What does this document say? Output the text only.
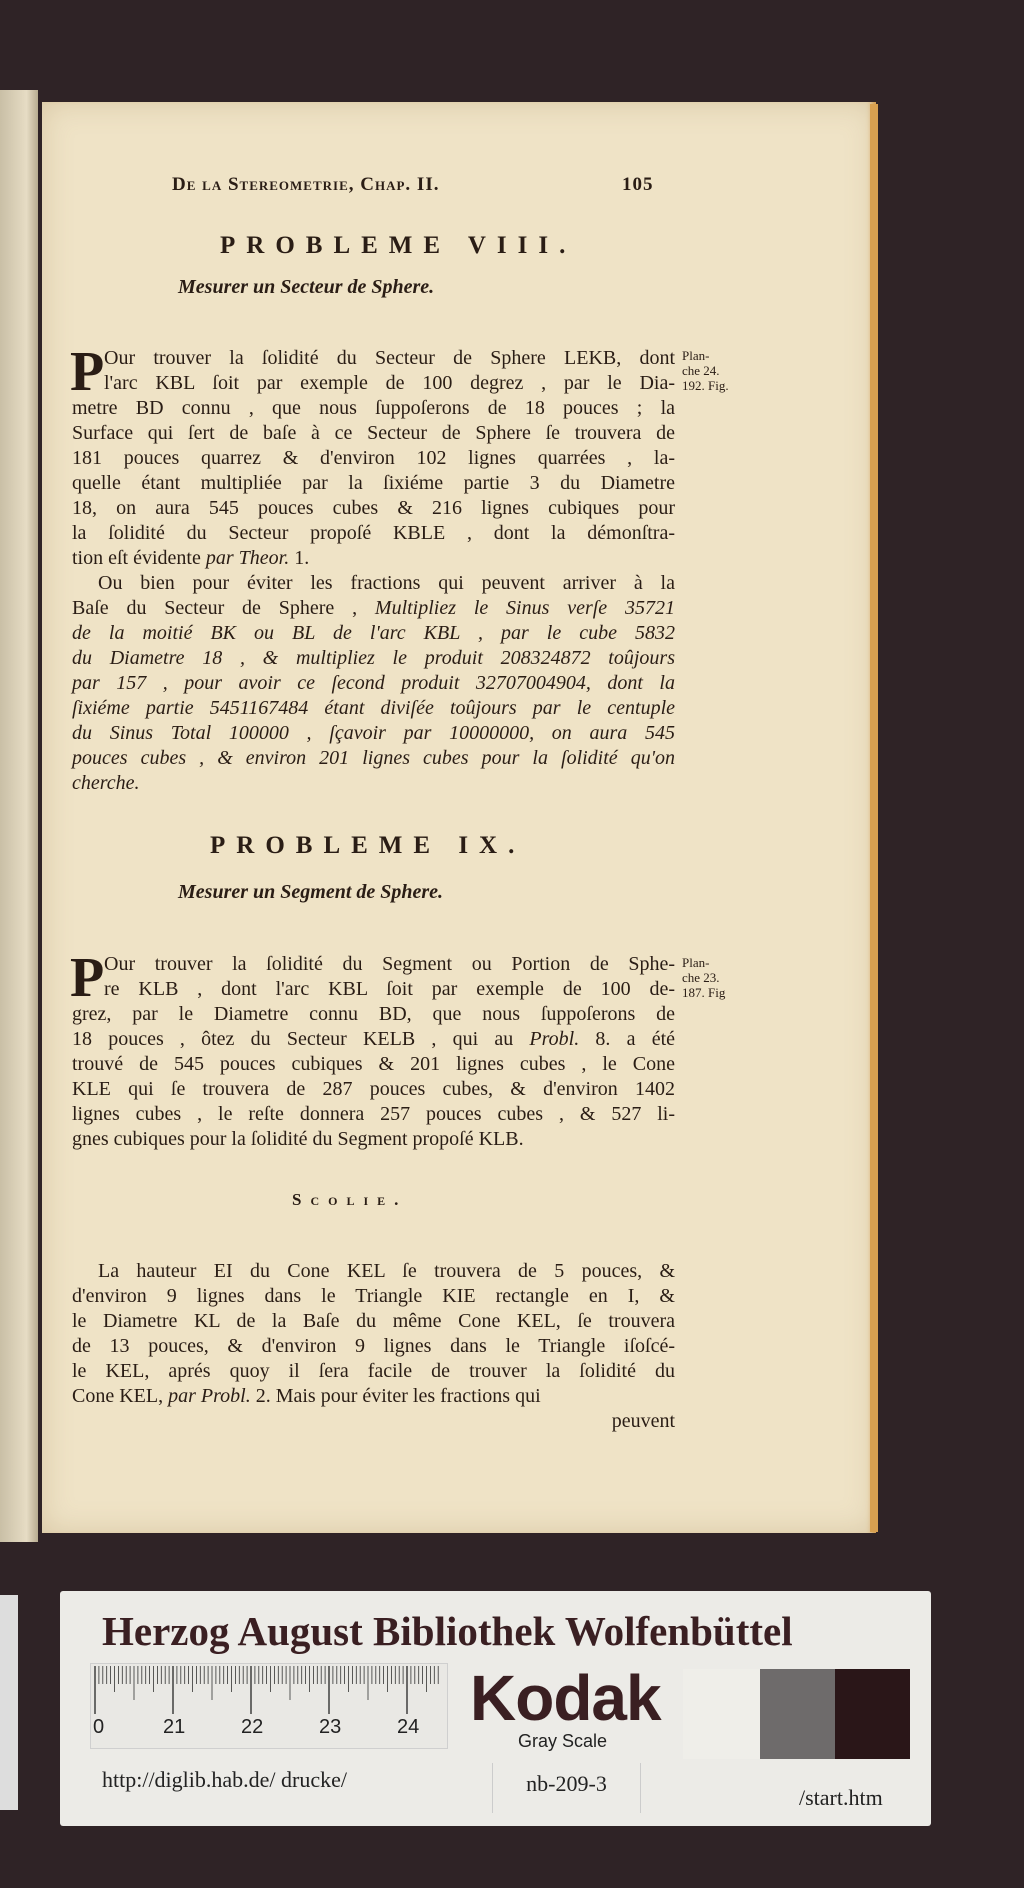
De la Stereometrie, Chap. II.	105
PROBLEME VIII.
Mesurer un Secteur de Sphere.
P Our trouver la ſolidité du Secteur de Sphere LEKB, dont
l'arc KBL ſoit par exemple de 100 degrez , par le Dia-
metre BD connu , que nous ſuppoſerons de 18 pouces ; la
Surface qui ſert de baſe à ce Secteur de Sphere ſe trouvera de
181 pouces quarrez & d'environ 102 lignes quarrées , la-
quelle étant multipliée par la ſixiéme partie 3 du Diametre
18, on aura 545 pouces cubes & 216 lignes cubiques pour
la ſolidité du Secteur propoſé KBLE , dont la démonſtra-
tion eſt évidente par Theor. 1.
Ou bien pour éviter les fractions qui peuvent arriver à la
Baſe du Secteur de Sphere , Multipliez le Sinus verſe 35721
de la moitié BK ou BL de l'arc KBL , par le cube 5832
du Diametre 18 , & multipliez le produit 208324872 toûjours
par 157 , pour avoir ce ſecond produit 32707004904, dont la
ſixiéme partie 5451167484 étant diviſée toûjours par le centuple
du Sinus Total 100000 , ſçavoir par 10000000, on aura 545
pouces cubes , & environ 201 lignes cubes pour la ſolidité qu'on
cherche.
Plan-
che 24.
192. Fig.
PROBLEME IX.
Mesurer un Segment de Sphere.
P Our trouver la ſolidité du Segment ou Portion de Sphe-
re KLB , dont l'arc KBL ſoit par exemple de 100 de-
grez, par le Diametre connu BD, que nous ſuppoſerons de
18 pouces , ôtez du Secteur KELB , qui au Probl. 8. a été
trouvé de 545 pouces cubiques & 201 lignes cubes , le Cone
KLE qui ſe trouvera de 287 pouces cubes, & d'environ 1402
lignes cubes , le reſte donnera 257 pouces cubes , & 527 li-
gnes cubiques pour la ſolidité du Segment propoſé KLB.
Plan-
che 23.
187. Fig
Scolie.
La hauteur EI du Cone KEL ſe trouvera de 5 pouces, &
d'environ 9 lignes dans le Triangle KIE rectangle en I, &
le Diametre KL de la Baſe du même Cone KEL, ſe trouvera
de 13 pouces, & d'environ 9 lignes dans le Triangle iſoſcé-
le KEL, aprés quoy il ſera facile de trouver la ſolidité du
Cone KEL, par Probl. 2. Mais pour éviter les fractions qui
peuvent
Herzog August Bibliothek Wolfenbüttel
0	21	22	23	24 Kodak
Gray Scale
http://diglib.hab.de/ drucke/	nb-209-3
/start.htm
